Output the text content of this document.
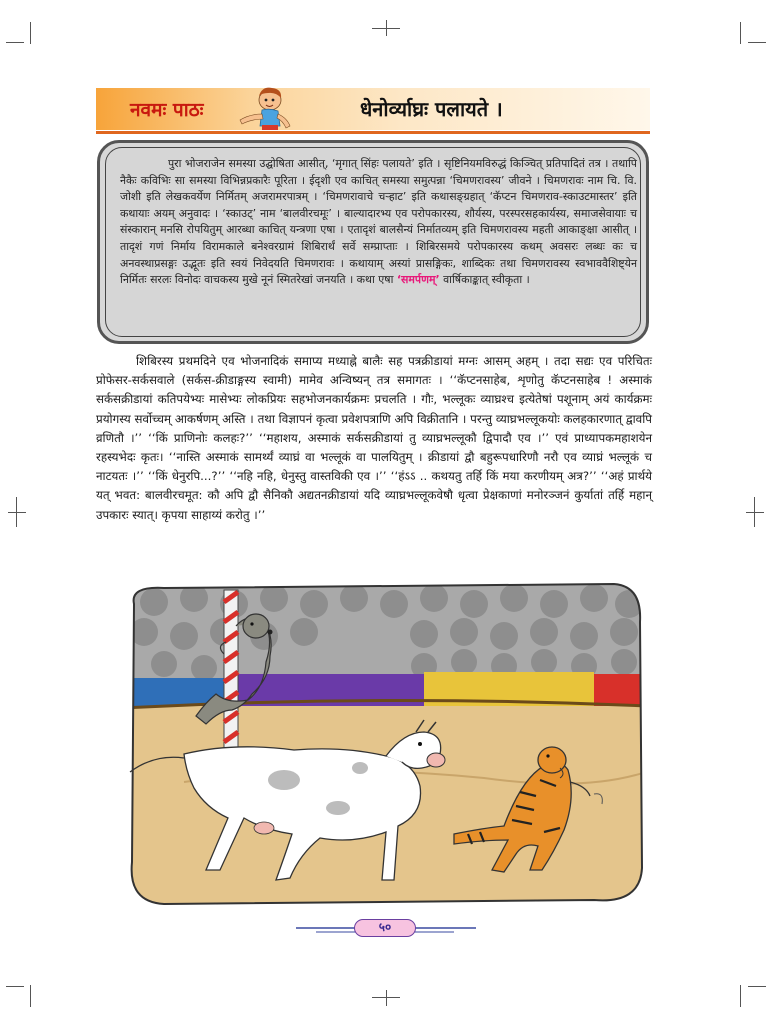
नवमः पाठः	धेनोर्व्याघ्रः पलायते ।
पुरा भोजराजेन समस्या उद्घोषिता आसीत्, ‘मृगात् सिंहः पलायते’ इति । सृष्टिनियमविरुद्धं किञ्चित् प्रतिपादितं तत्र । तथापि नैकैः कविभिः सा समस्या विभिन्नप्रकारैः पूरिता । ईदृशी एव काचित् समस्या समुत्पन्ना ‘चिमणरावस्य’ जीवने । चिमणरावः नाम चि. वि. जोशी इति लेखकवर्येण निर्मितम् अजरामरपात्रम् । ‘चिमणरावाचे चऱ्हाट’ इति कथासङ्ग्रहात् ‘कॅप्टन चिमणराव-स्काउटमास्तर’ इति कथायाः अयम् अनुवादः । ‘स्काउट्’ नाम ‘बालवीरचमूः’ । बाल्यादारभ्य एव परोपकारस्य, शौर्यस्य, परस्परसहकार्यस्य, समाजसेवायाः च संस्कारान् मनसि रोपयितुम् आरब्धा काचित् यन्त्रणा एषा । एतादृशं बालसैन्यं निर्मातव्यम् इति चिमणरावस्य महती आकाङ्क्षा आसीत् । तादृशं गणं निर्माय विरामकाले बनेश्वरग्रामं शिबिरार्थं सर्वे सम्प्राप्ताः । शिबिरसमये परोपकारस्य कथम् अवसरः लब्धः कः च अनवस्थाप्रसङ्गः उद्भूतः इति स्वयं निवेदयति चिमणरावः । कथायाम् अस्यां प्रासङ्गिकः, शाब्दिकः तथा चिमणरावस्य स्वभाववैशिष्ट्येन निर्मितः सरलः विनोदः वाचकस्य मुखे नूनं स्मितरेखां जनयति । कथा एषा ‘समर्पणम्’ वार्षिकाङ्कात् स्वीकृता ।
शिबिरस्य प्रथमदिने एव भोजनादिकं समाप्य मध्याह्ने बालैः सह पत्रक्रीडायां मग्नः आसम् अहम् । तदा सद्यः एव परिचितः प्रोफेसर-सर्कसवाले (सर्कस-क्रीडाङ्गस्य स्वामी) मामेव अन्विष्यन् तत्र समागतः । ‘‘कॅप्टनसाहेब, शृणोतु कॅप्टनसाहेब ! अस्माकं सर्कसक्रीडायां कतिपयेभ्यः मासेभ्यः लोकप्रियः सहभोजनकार्यक्रमः प्रचलति । गौः, भल्लूकः व्याघ्रश्च इत्येतेषां पशूनाम् अयं कार्यक्रमः प्रयोगस्य सर्वोच्चम् आकर्षणम् अस्ति । तथा विज्ञापनं कृत्वा प्रवेशपत्राणि अपि विक्रीतानि । परन्तु व्याघ्रभल्लूकयोः कलहकारणात् द्वावपि व्रणितौ ।’’ ‘‘किं प्राणिनोः कलहः?’’ ‘‘महाशय, अस्माकं सर्कसक्रीडायां तु व्याघ्रभल्लूकौ द्विपादौ एव ।’’ एवं प्राध्यापकमहाशयेन रहस्यभेदः कृतः। ‘‘नास्ति अस्माकं सामर्थ्यं व्याघ्रं वा भल्लूकं वा पालयितुम् । क्रीडायां द्वौ बहुरूपधारिणौ नरौ एव व्याघ्रं भल्लूकं च नाटयतः ।’’ ‘‘किं धेनुरपि...?’’ ‘‘नहि नहि, धेनुस्तु वास्तविकी एव ।’’ ‘‘हंऽऽ .. कथयतु तर्हि किं मया करणीयम् अत्र?’’ ‘‘अहं प्रार्थये यत् भवत: बालवीरचमूत: कौ अपि द्वौ सैनिकौ अद्यतनक्रीडायां यदि व्याघ्रभल्लूकवेषौ धृत्वा प्रेक्षकाणां मनोरञ्जनं कुर्यातां तर्हि महान् उपकारः स्यात्। कृपया साहाय्यं करोतु ।’’
५०
